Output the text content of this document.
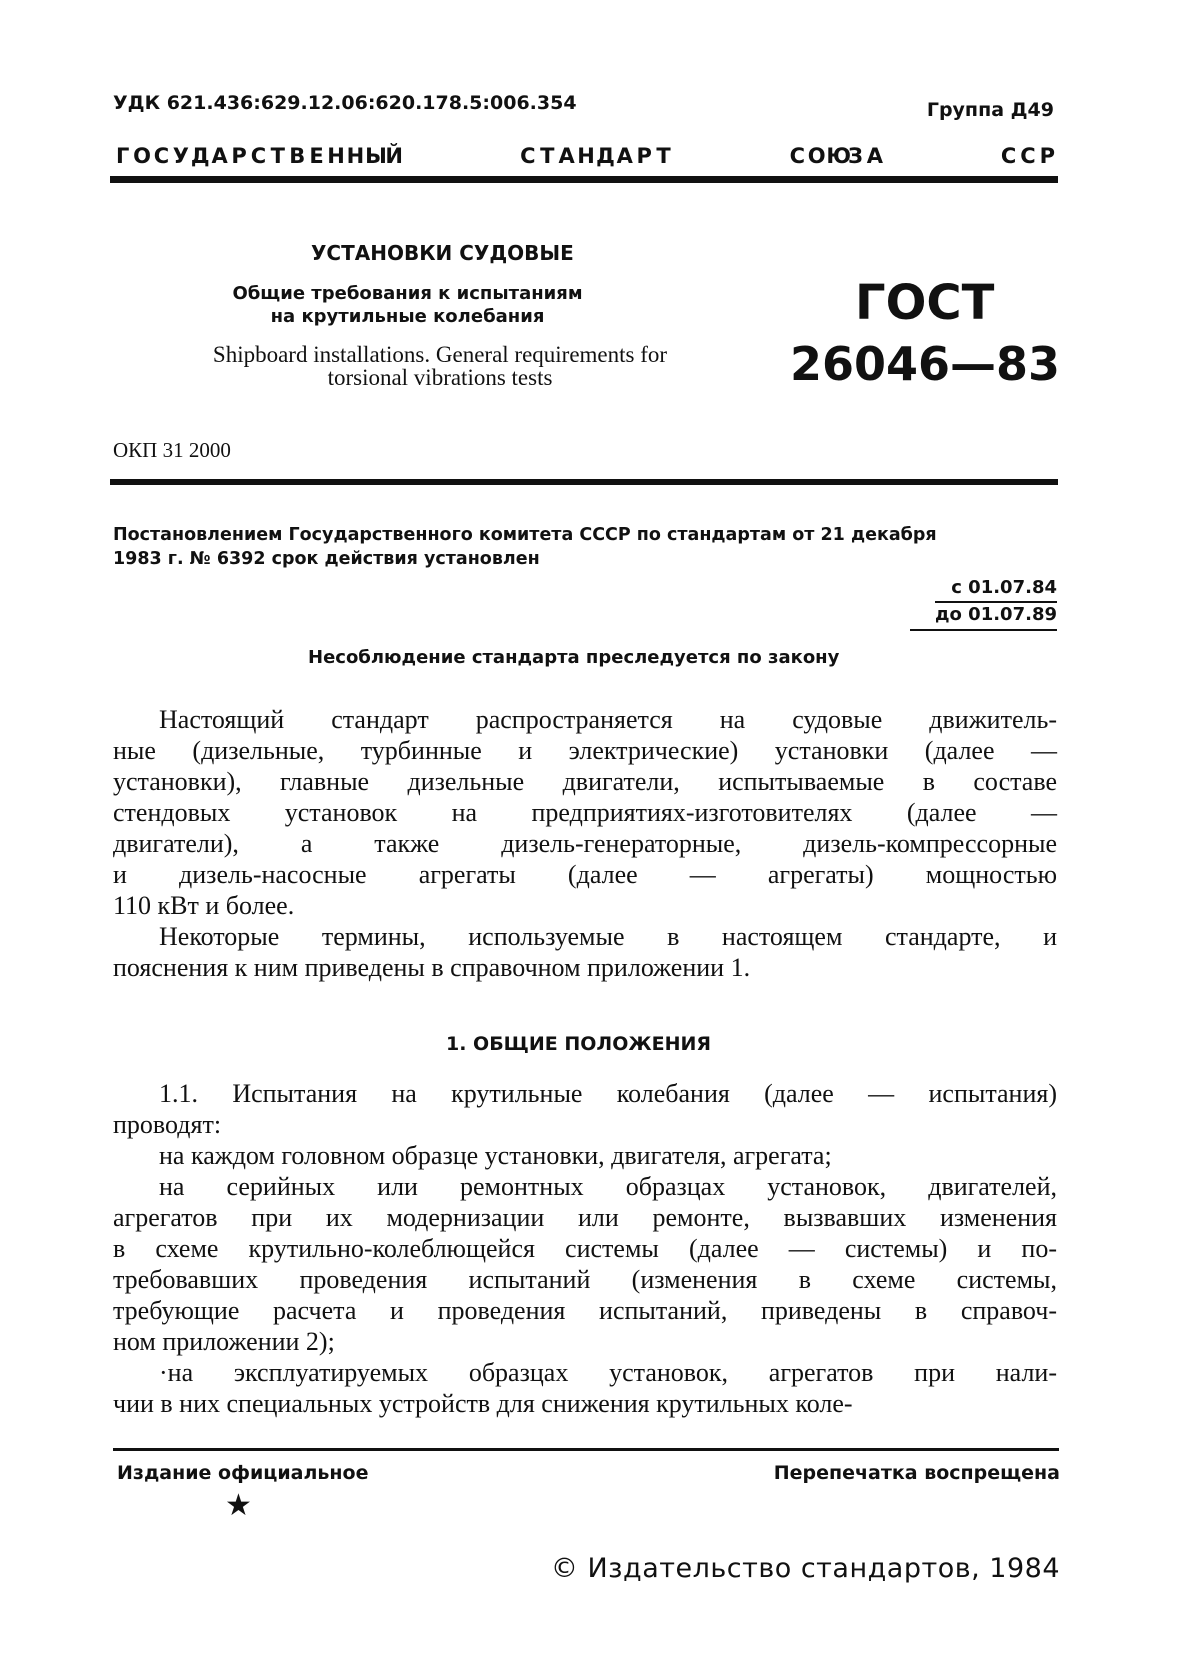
УДК 621.436:629.12.06:620.178.5:006.354	Группа Д49
Г О С У Д А Р С Т В Е Н Н Ы
Й	С Т А Н Д А Р Т	С О Ю
З А	С С Р
УСТАНОВКИ СУДОВЫЕ
Общие требования к испытаниям
на крутильные колебания
Shipboard installations. General requirements for
torsional vibrations tests
ГОСТ
26046—83
ОКП 31 2000
Постановлением Государственного комитета СССР по стандартам от 21 декабря
1983 г. № 6392 срок действия установлен
с 01.07.84
до 01.07.89
Несоблюдение стандарта преследуется по закону
Настоящий стандарт распространяется на судовые движитель-
ные (дизельные, турбинные и электрические) установки (далее —
установки), главные дизельные двигатели, испытываемые в составе
стендовых установок на предприятиях-изготовителях (далее —
двигатели), а также дизель-генераторные, дизель-компрессорные
и дизель-насосные агрегаты (далее — агрегаты) мощностью
110 кВт и более.
Некоторые термины, используемые в настоящем стандарте, и
пояснения к ним приведены в справочном приложении 1.
1. ОБЩИЕ ПОЛОЖЕНИЯ
1.1. Испытания на крутильные колебания (далее — испытания)
проводят:
на каждом головном образце установки, двигателя, агрегата;
на серийных или ремонтных образцах установок, двигателей,
агрегатов при их модернизации или ремонте, вызвавших изменения
в схеме крутильно-колеблющейся системы (далее — системы) и по-
требовавших проведения испытаний (изменения в схеме системы,
требующие расчета и проведения испытаний, приведены в справоч-
ном приложении 2);
·на эксплуатируемых образцах установок, агрегатов при нали-
чии в них специальных устройств для снижения крутильных коле-
Издание официальное
★
Перепечатка воспрещена
© Издательство стандартов, 1984
